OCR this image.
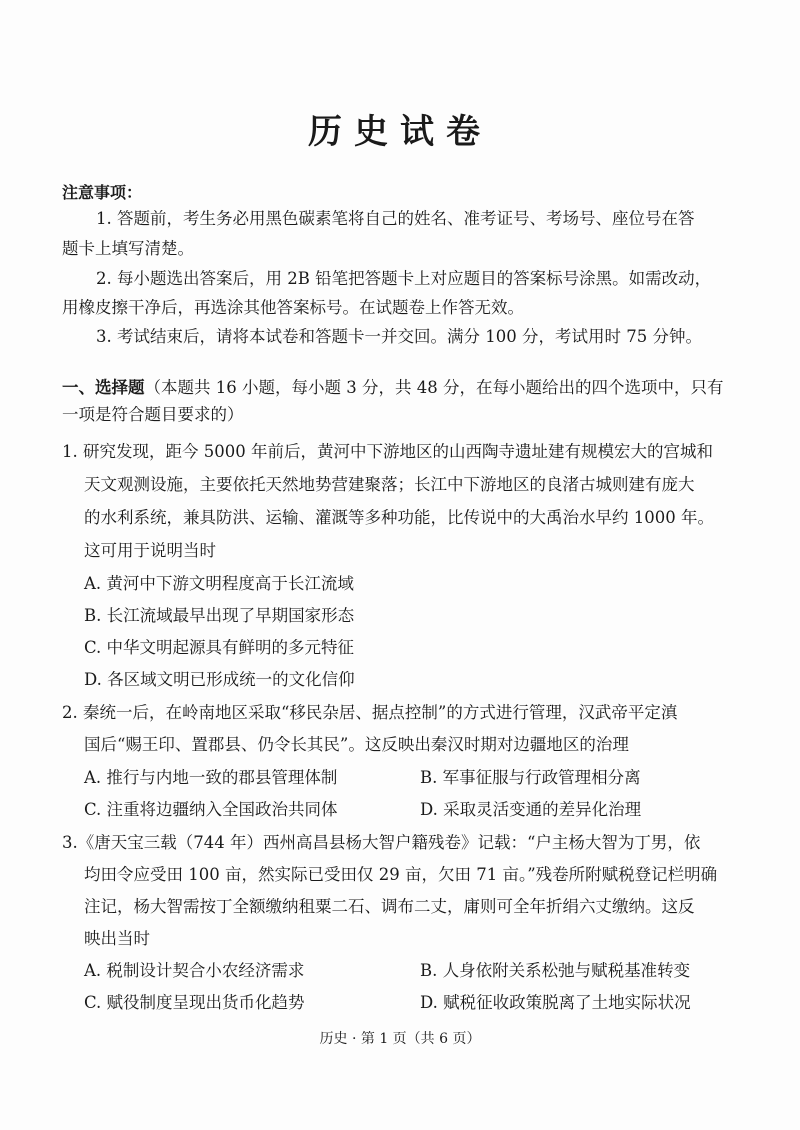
历史试卷
注意事项：
1. 答题前，考生务必用黑色碳素笔将自己的姓名、准考证号、考场号、座位号在答
题卡上填写清楚。
2. 每小题选出答案后，用 2B 铅笔把答题卡上对应题目的答案标号涂黑。如需改动，
用橡皮擦干净后，再选涂其他答案标号。在试题卷上作答无效。
3. 考试结束后，请将本试卷和答题卡一并交回。满分 100 分，考试用时 75 分钟。
一、选择题（本题共 16 小题，每小题 3 分，共 48 分，在每小题给出的四个选项中，只有
一项是符合题目要求的）
1. 研究发现，距今 5000 年前后，黄河中下游地区的山西陶寺遗址建有规模宏大的宫城和
天文观测设施，主要依托天然地势营建聚落；长江中下游地区的良渚古城则建有庞大
的水利系统，兼具防洪、运输、灌溉等多种功能，比传说中的大禹治水早约 1000 年。
这可用于说明当时
A. 黄河中下游文明程度高于长江流域
B. 长江流域最早出现了早期国家形态
C. 中华文明起源具有鲜明的多元特征
D. 各区域文明已形成统一的文化信仰
2. 秦统一后，在岭南地区采取“移民杂居、据点控制”的方式进行管理，汉武帝平定滇
国后“赐王印、置郡县、仍令长其民”。这反映出秦汉时期对边疆地区的治理
A. 推行与内地一致的郡县管理体制	B. 军事征服与行政管理相分离
C. 注重将边疆纳入全国政治共同体	D. 采取灵活变通的差异化治理
3.《唐天宝三载（744 年）西州高昌县杨大智户籍残卷》记载：“户主杨大智为丁男，依
均田令应受田 100 亩，然实际已受田仅 29 亩，欠田 71 亩。”残卷所附赋税登记栏明确
注记，杨大智需按丁全额缴纳租粟二石、调布二丈，庸则可全年折绢六丈缴纳。这反
映出当时
A. 税制设计契合小农经济需求	B. 人身依附关系松弛与赋税基准转变
C. 赋役制度呈现出货币化趋势	D. 赋税征收政策脱离了土地实际状况
历史 · 第 1 页（共 6 页）
